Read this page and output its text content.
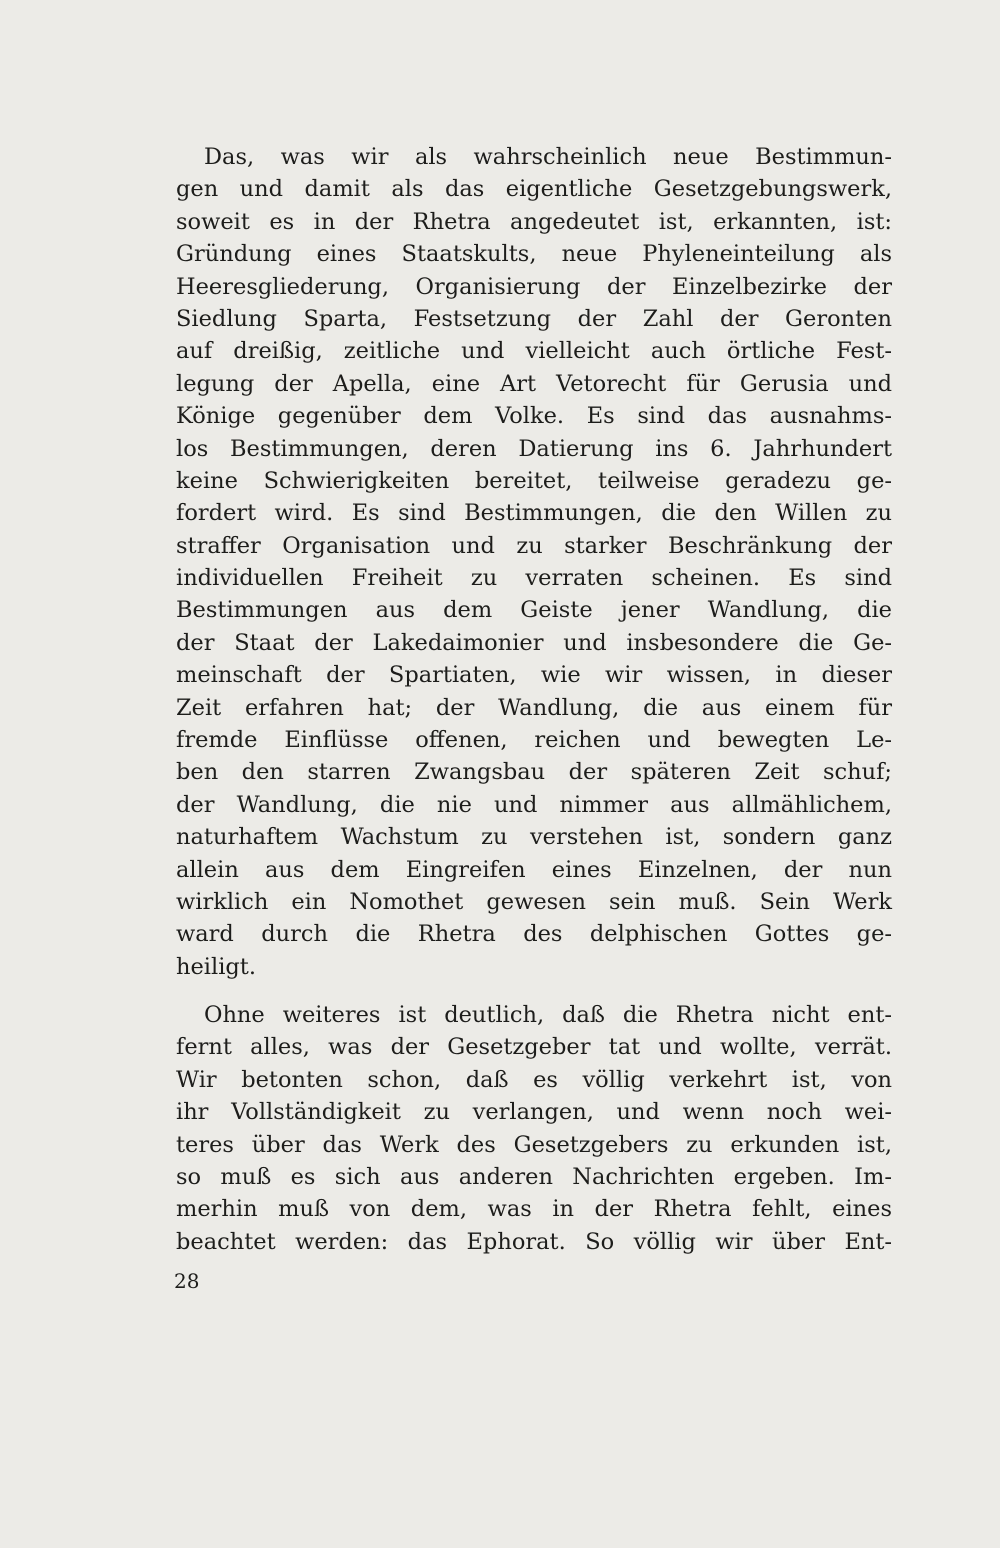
Das, was wir als wahrscheinlich neue Bestimmun-
gen und damit als das eigentliche Gesetzgebungswerk,
soweit es in der Rhetra angedeutet ist, erkannten, ist:
Gründung eines Staatskults, neue Phyleneinteilung als
Heeresgliederung, Organisierung der Einzelbezirke der
Siedlung Sparta, Festsetzung der Zahl der Geronten
auf dreißig, zeitliche und vielleicht auch örtliche Fest-
legung der Apella, eine Art Vetorecht für Gerusia und
Könige gegenüber dem Volke. Es sind das ausnahms-
los Bestimmungen, deren Datierung ins 6. Jahrhundert
keine Schwierigkeiten bereitet, teilweise geradezu ge-
fordert wird. Es sind Bestimmungen, die den Willen zu
straffer Organisation und zu starker Beschränkung der
individuellen Freiheit zu verraten scheinen. Es sind
Bestimmungen aus dem Geiste jener Wandlung, die
der Staat der Lakedaimonier und insbesondere die Ge-
meinschaft der Spartiaten, wie wir wissen, in dieser
Zeit erfahren hat; der Wandlung, die aus einem für
fremde Einflüsse offenen, reichen und bewegten Le-
ben den starren Zwangsbau der späteren Zeit schuf;
der Wandlung, die nie und nimmer aus allmählichem,
naturhaftem Wachstum zu verstehen ist, sondern ganz
allein aus dem Eingreifen eines Einzelnen, der nun
wirklich ein Nomothet gewesen sein muß. Sein Werk
ward durch die Rhetra des delphischen Gottes ge-
heiligt.
Ohne weiteres ist deutlich, daß die Rhetra nicht ent-
fernt alles, was der Gesetzgeber tat und wollte, verrät.
Wir betonten schon, daß es völlig verkehrt ist, von
ihr Vollständigkeit zu verlangen, und wenn noch wei-
teres über das Werk des Gesetzgebers zu erkunden ist,
so muß es sich aus anderen Nachrichten ergeben. Im-
merhin muß von dem, was in der Rhetra fehlt, eines
beachtet werden: das Ephorat. So völlig wir über Ent-
28
